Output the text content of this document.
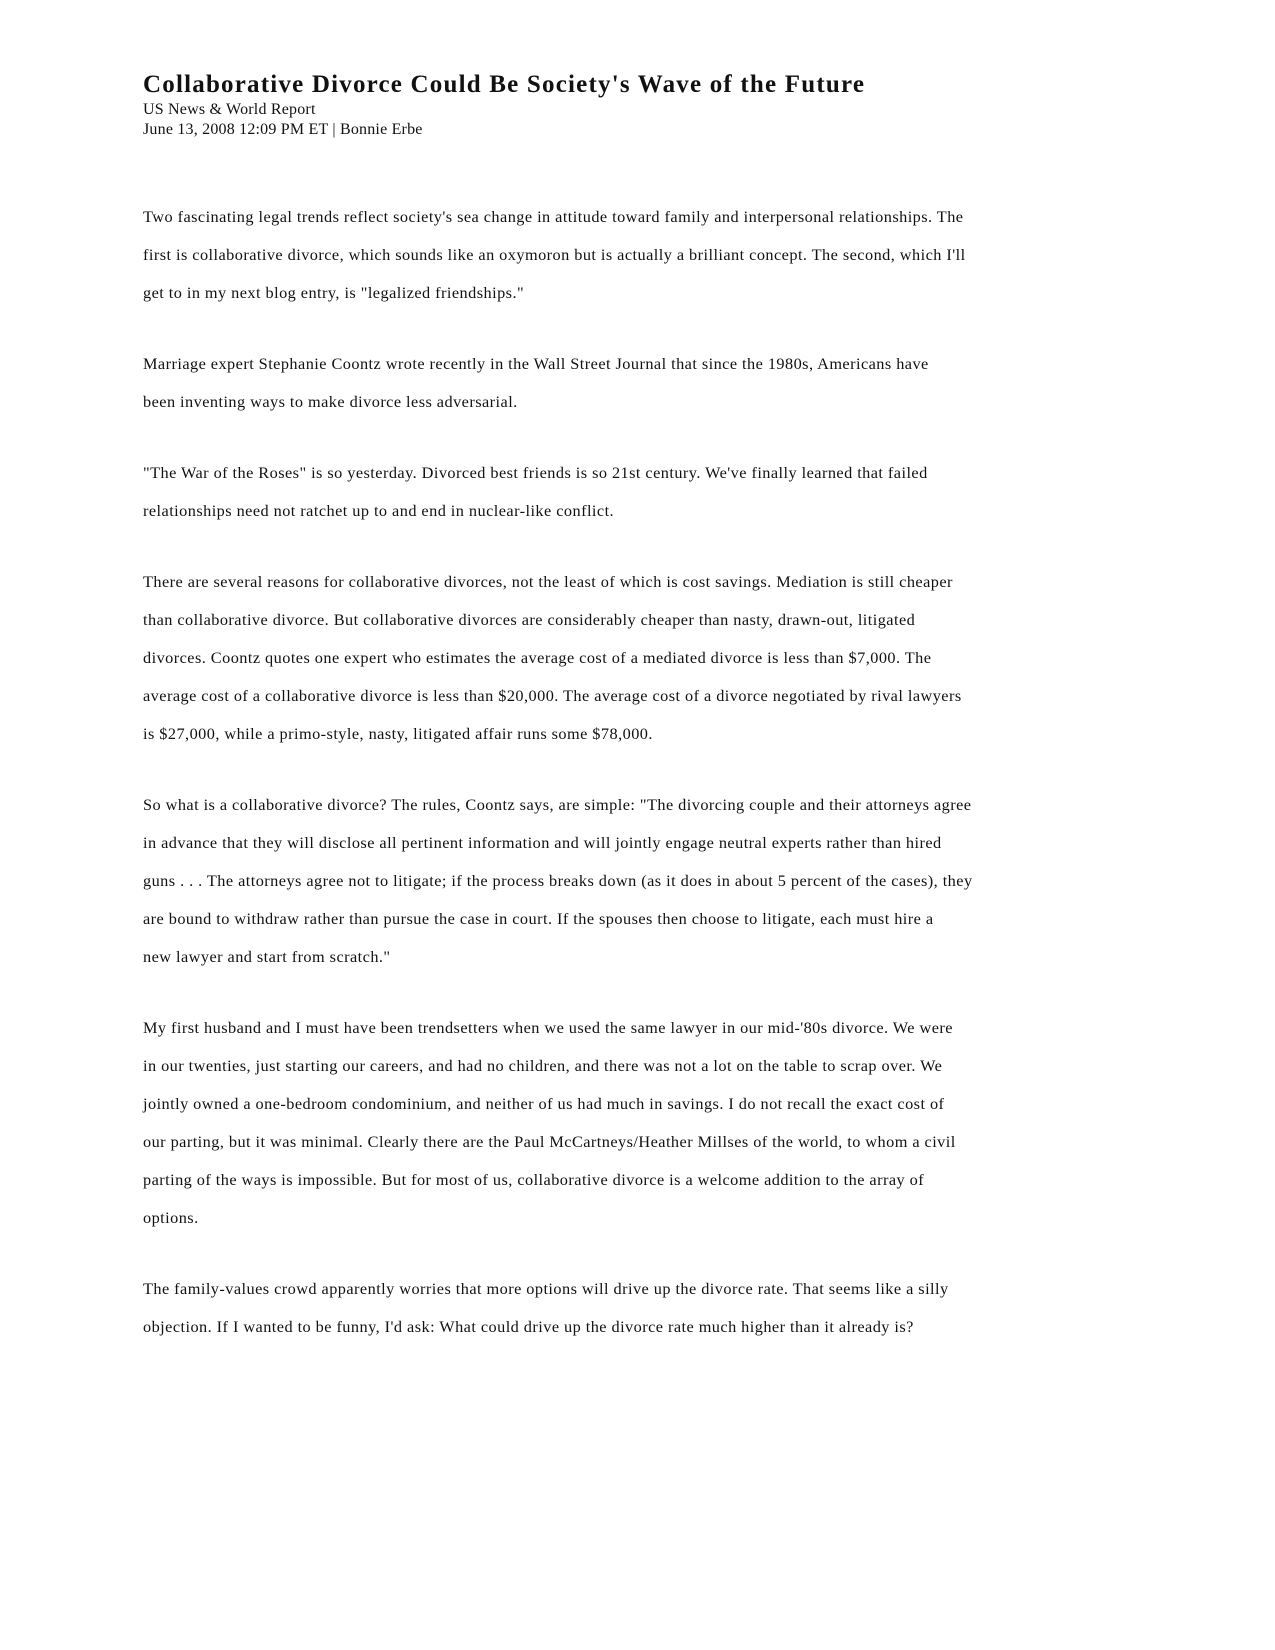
Collaborative Divorce Could Be Society's Wave of the Future
US News & World Report
June 13, 2008 12:09 PM ET | Bonnie Erbe

Two fascinating legal trends reflect society's sea change in attitude toward family and interpersonal relationships. The
first is collaborative divorce, which sounds like an oxymoron but is actually a brilliant concept. The second, which I'll
get to in my next blog entry, is "legalized friendships."

Marriage expert Stephanie Coontz wrote recently in the Wall Street Journal that since the 1980s, Americans have
been inventing ways to make divorce less adversarial.

"The War of the Roses" is so yesterday. Divorced best friends is so 21st century. We've finally learned that failed
relationships need not ratchet up to and end in nuclear-like conflict.

There are several reasons for collaborative divorces, not the least of which is cost savings. Mediation is still cheaper
than collaborative divorce. But collaborative divorces are considerably cheaper than nasty, drawn-out, litigated
divorces. Coontz quotes one expert who estimates the average cost of a mediated divorce is less than $7,000. The
average cost of a collaborative divorce is less than $20,000. The average cost of a divorce negotiated by rival lawyers
is $27,000, while a primo-style, nasty, litigated affair runs some $78,000.

So what is a collaborative divorce? The rules, Coontz says, are simple: "The divorcing couple and their attorneys agree
in advance that they will disclose all pertinent information and will jointly engage neutral experts rather than hired
guns . . . The attorneys agree not to litigate; if the process breaks down (as it does in about 5 percent of the cases), they
are bound to withdraw rather than pursue the case in court. If the spouses then choose to litigate, each must hire a
new lawyer and start from scratch."

My first husband and I must have been trendsetters when we used the same lawyer in our mid-'80s divorce. We were
in our twenties, just starting our careers, and had no children, and there was not a lot on the table to scrap over. We
jointly owned a one-bedroom condominium, and neither of us had much in savings. I do not recall the exact cost of
our parting, but it was minimal. Clearly there are the Paul McCartneys/Heather Millses of the world, to whom a civil
parting of the ways is impossible. But for most of us, collaborative divorce is a welcome addition to the array of
options.

The family-values crowd apparently worries that more options will drive up the divorce rate. That seems like a silly
objection. If I wanted to be funny, I'd ask: What could drive up the divorce rate much higher than it already is?
